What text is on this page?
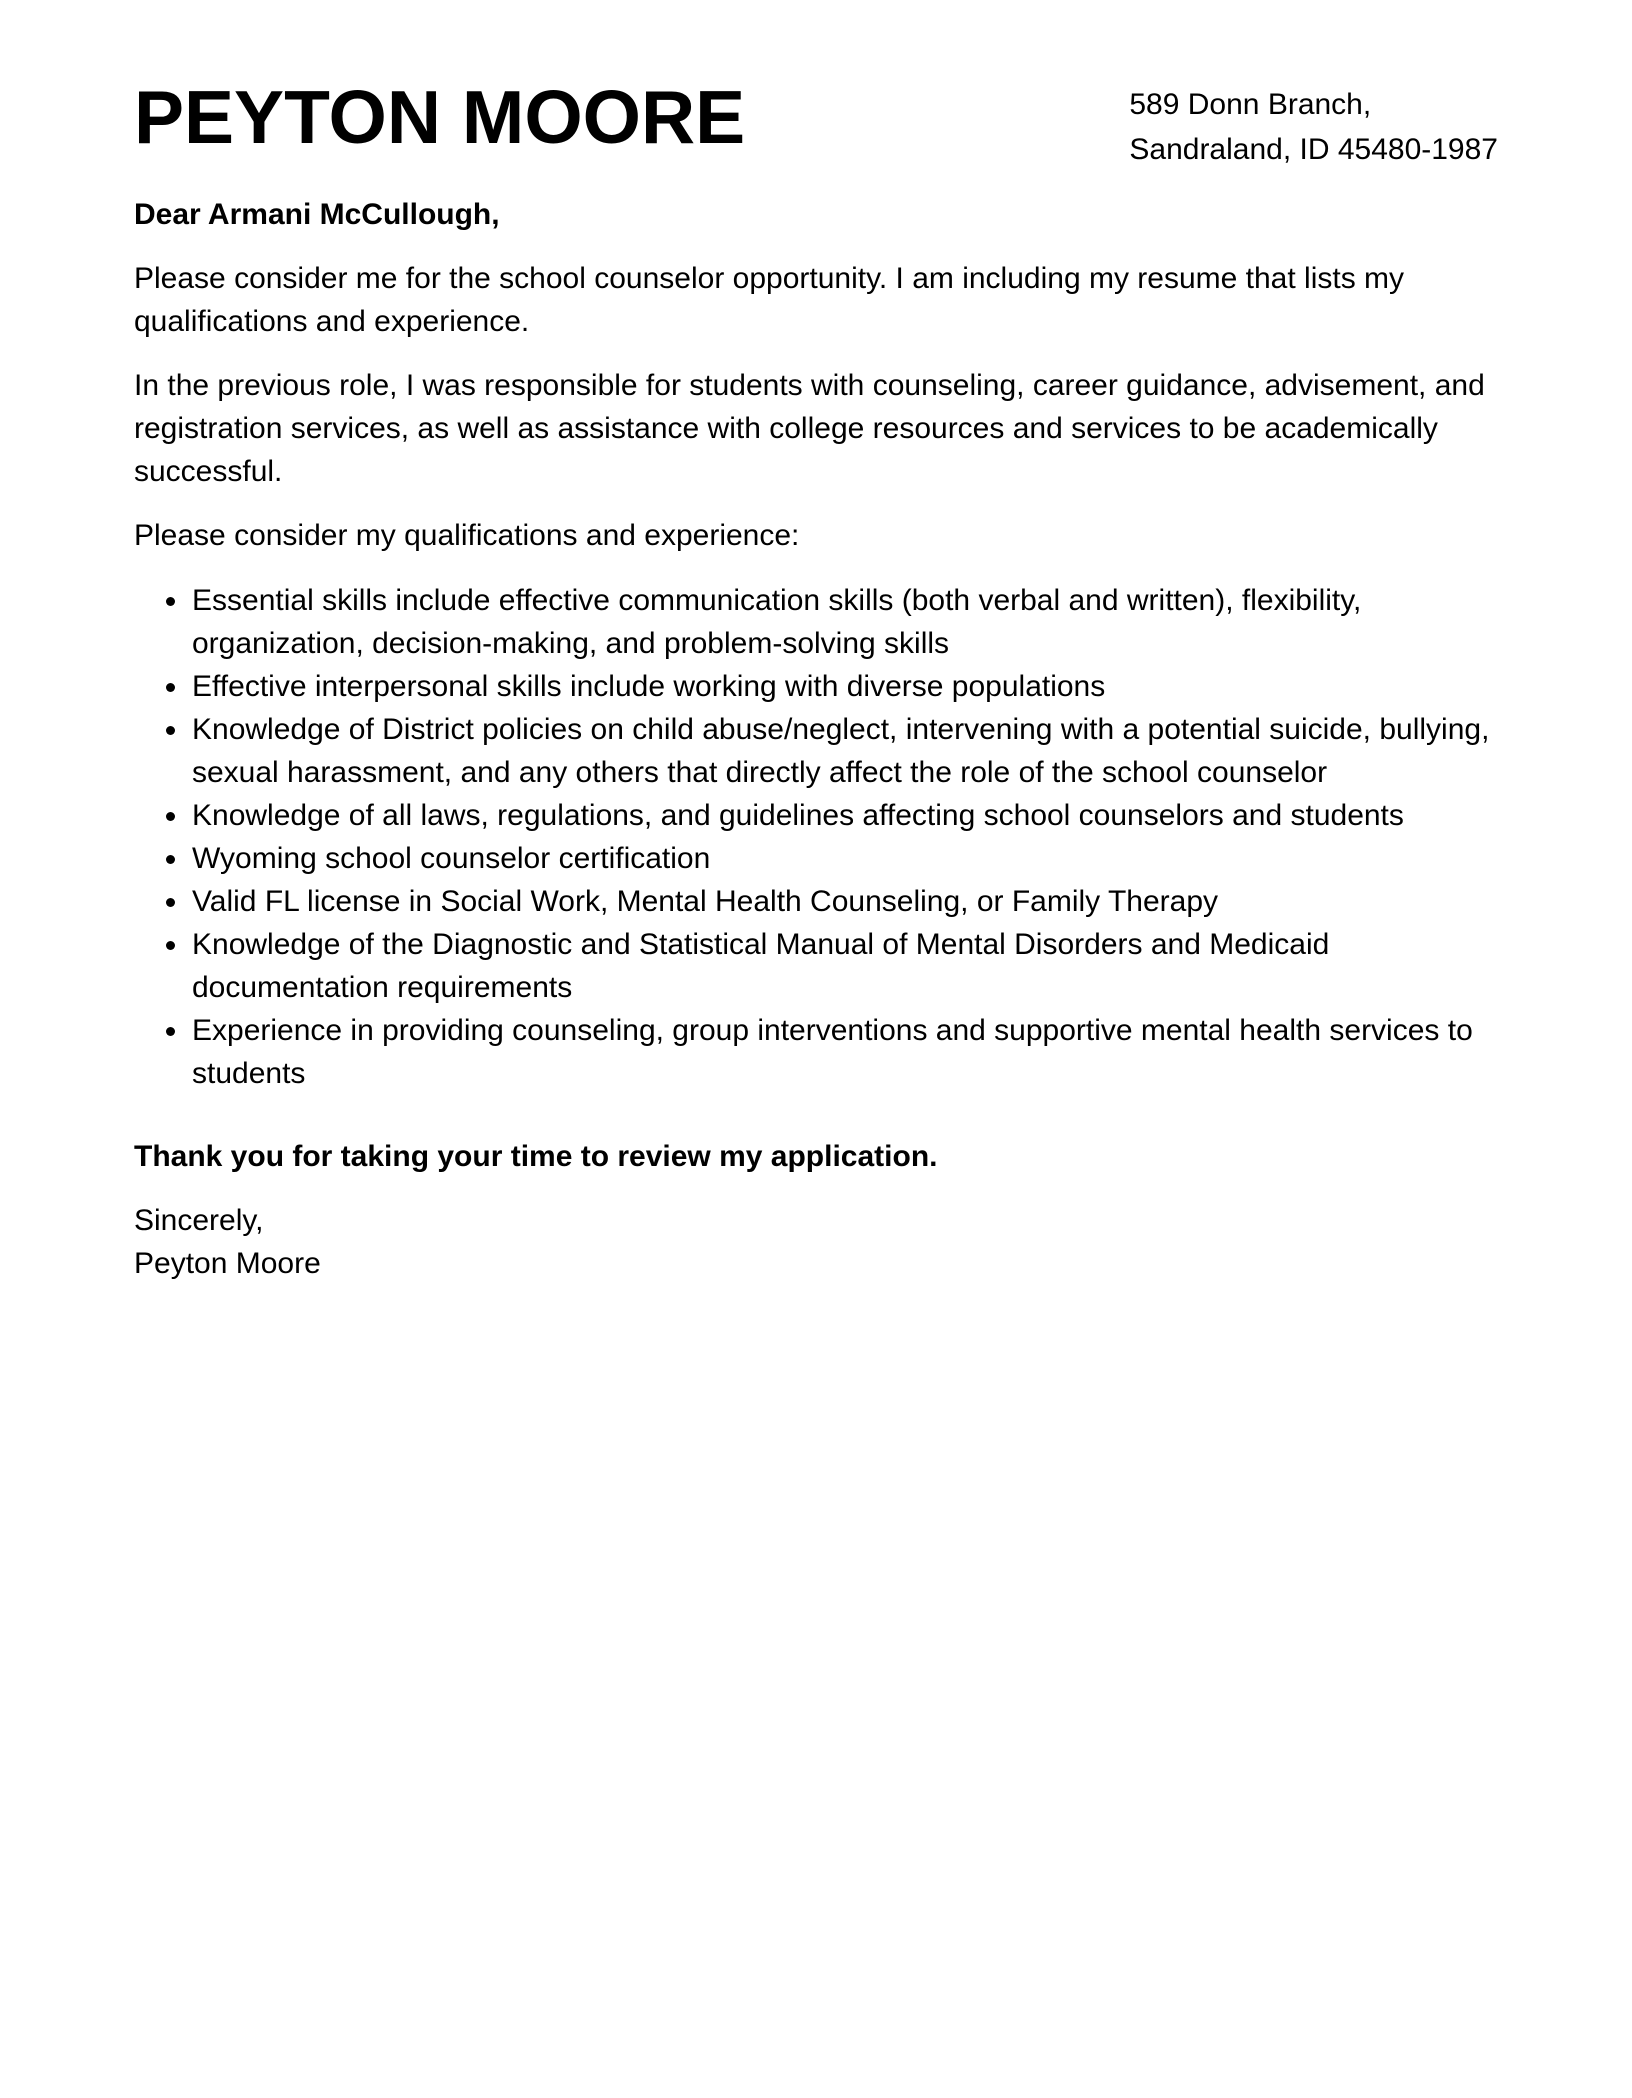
PEYTON MOORE	589 Donn Branch,
Sandraland, ID 45480-1987

Dear Armani McCullough,

Please consider me for the school counselor opportunity. I am including my resume that lists my qualifications and experience.

In the previous role, I was responsible for students with counseling, career guidance, advisement, and registration services, as well as assistance with college resources and services to be academically successful.

Please consider my qualifications and experience:

• Essential skills include effective communication skills (both verbal and written), flexibility, organization, decision-making, and problem-solving skills
• Effective interpersonal skills include working with diverse populations
• Knowledge of District policies on child abuse/neglect, intervening with a potential suicide, bullying, sexual harassment, and any others that directly affect the role of the school counselor
• Knowledge of all laws, regulations, and guidelines affecting school counselors and students
• Wyoming school counselor certification
• Valid FL license in Social Work, Mental Health Counseling, or Family Therapy
• Knowledge of the Diagnostic and Statistical Manual of Mental Disorders and Medicaid documentation requirements
• Experience in providing counseling, group interventions and supportive mental health services to students

Thank you for taking your time to review my application.

Sincerely,
Peyton Moore
